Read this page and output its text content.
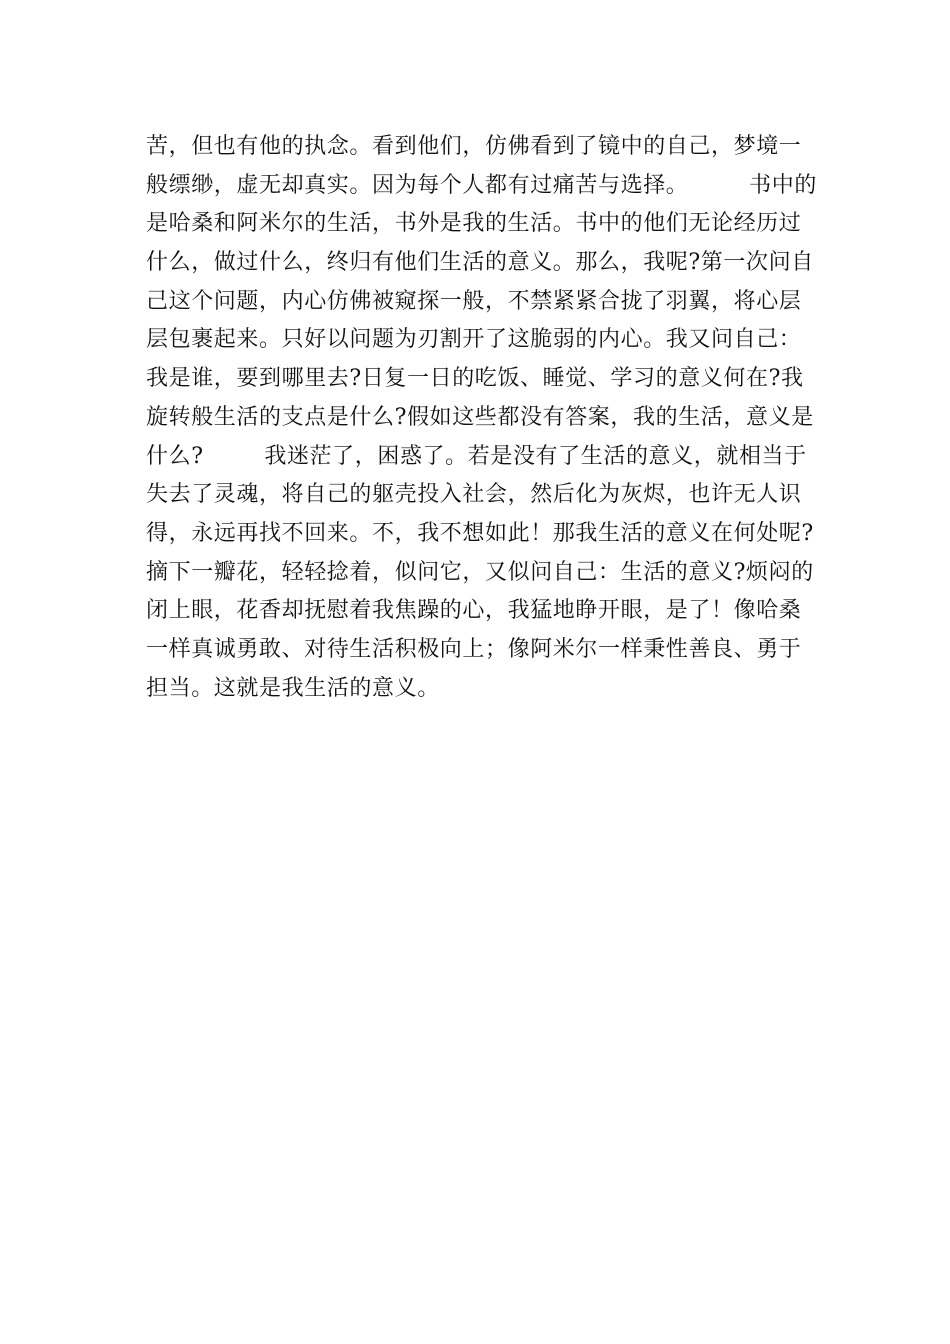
苦，但也有他的执念。看到他们，仿佛看到了镜中的自己，梦境一
般缥缈，虚无却真实。因为每个人都有过痛苦与选择。        书中的
是哈桑和阿米尔的生活，书外是我的生活。书中的他们无论经历过
什么，做过什么，终归有他们生活的意义。那么，我呢?第一次问自
己这个问题，内心仿佛被窥探一般，不禁紧紧合拢了羽翼，将心层
层包裹起来。只好以问题为刃割开了这脆弱的内心。我又问自己：
我是谁，要到哪里去?日复一日的吃饭、睡觉、学习的意义何在?我
旋转般生活的支点是什么?假如这些都没有答案，我的生活，意义是
什么?        我迷茫了，困惑了。若是没有了生活的意义，就相当于
失去了灵魂，将自己的躯壳投入社会，然后化为灰烬，也许无人识
得，永远再找不回来。不，我不想如此！那我生活的意义在何处呢?
摘下一瓣花，轻轻捻着，似问它，又似问自己：生活的意义?烦闷的
闭上眼，花香却抚慰着我焦躁的心，我猛地睁开眼，是了！像哈桑
一样真诚勇敢、对待生活积极向上；像阿米尔一样秉性善良、勇于
担当。这就是我生活的意义。
